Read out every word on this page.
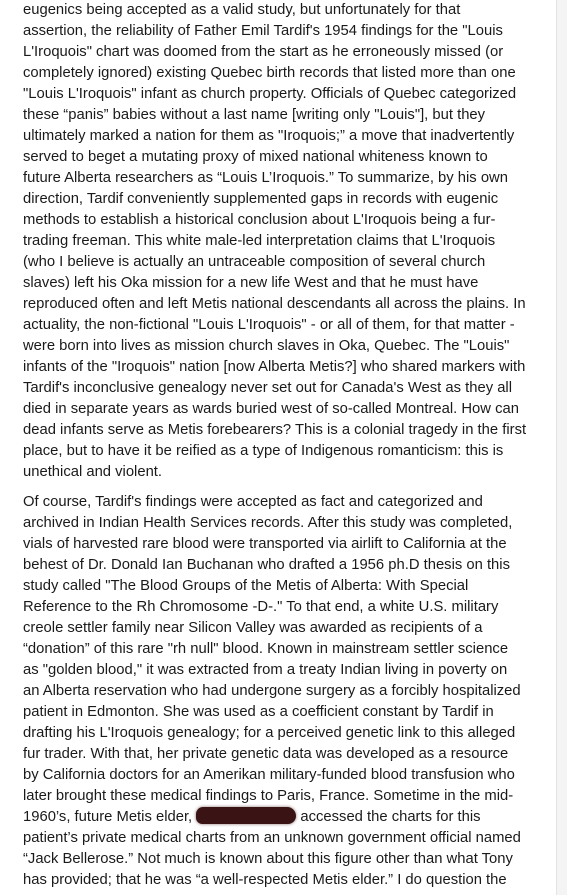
eugenics being accepted as a valid study, but unfortunately for that
assertion, the reliability of Father Emil Tardif's 1954 findings for the "Louis
L'Iroquois" chart was doomed from the start as he erroneously missed (or
completely ignored) existing Quebec birth records that listed more than one
"Louis L'Iroquois" infant as church property. Officials of Quebec categorized
these “panis” babies without a last name [writing only "Louis"], but they
ultimately marked a nation for them as "Iroquois;” a move that inadvertently
served to beget a mutating proxy of mixed national whiteness known to
future Alberta researchers as “Louis L’Iroquois.” To summarize, by his own
direction, Tardif conveniently supplemented gaps in records with eugenic
methods to establish a historical conclusion about L'Iroquois being a fur-
trading freeman. This white male-led interpretation claims that L'Iroquois
(who I believe is actually an untraceable composition of several church
slaves) left his Oka mission for a new life West and that he must have
reproduced often and left Metis national descendants all across the plains. In
actuality, the non-fictional "Louis L'Iroquois" - or all of them, for that matter -
were born into lives as mission church slaves in Oka, Quebec. The "Louis"
infants of the "Iroquois" nation [now Alberta Metis?] who shared markers with
Tardif's inconclusive genealogy never set out for Canada's West as they all
died in separate years as wards buried west of so-called Montreal. How can
dead infants serve as Metis forebearers? This is a colonial tragedy in the first
place, but to have it be reified as a type of Indigenous romanticism: this is
unethical and violent.

Of course, Tardif's findings were accepted as fact and categorized and
archived in Indian Health Services records. After this study was completed,
vials of harvested rare blood were transported via airlift to California at the
behest of Dr. Donald Ian Buchanan who drafted a 1956 ph.D thesis on this
study called "The Blood Groups of the Metis of Alberta: With Special
Reference to the Rh Chromosome -D-." To that end, a white U.S. military
creole settler family near Silicon Valley was awarded as recipients of a
“donation” of this rare "rh null" blood. Known in mainstream settler science
as "golden blood," it was extracted from a treaty Indian living in poverty on
an Alberta reservation who had undergone surgery as a forcibly hospitalized
patient in Edmonton. She was used as a coefficient constant by Tardif in
drafting his L'Iroquois genealogy; for a perceived genetic link to this alleged
fur trader. With that, her private genetic data was developed as a resource
by California doctors for an Amerikan military-funded blood transfusion who
later brought these medical findings to Paris, France. Sometime in the mid-
1960’s, future Metis elder,	accessed the charts for this
patient’s private medical charts from an unknown government official named
“Jack Bellerose.” Not much is known about this figure other than what Tony
has provided; that he was “a well-respected Metis elder.” I do question the
